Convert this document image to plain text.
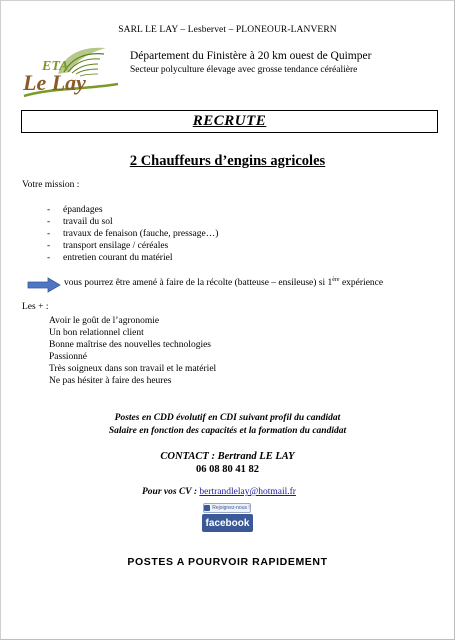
SARL LE LAY – Lesbervet – PLONEOUR-LANVERN
ETA
Le Lay
Département du Finistère à 20 km ouest de Quimper
Secteur polyculture élevage avec grosse tendance céréalière
RECRUTE
2 Chauffeurs d’engins agricoles
Votre mission :
- épandages
- travail du sol
- travaux de fenaison (fauche, pressage…)
- transport ensilage / céréales
- entretien courant du matériel
vous pourrez être amené à faire de la récolte (batteuse – ensileuse) si 1ère expérience
Les + :
Avoir le goût de l’agronomie
Un bon relationnel client
Bonne maîtrise des nouvelles technologies
Passionné
Très soigneux dans son travail et le matériel
Ne pas hésiter à faire des heures
Postes en CDD évolutif en CDI suivant profil du candidat
Salaire en fonction des capacités et la formation du candidat
CONTACT : Bertrand LE LAY
06 08 80 41 82
Pour vos CV : bertrandlelay@hotmail.fr
Rejoignez-nous !
facebook
POSTES A POURVOIR RAPIDEMENT
